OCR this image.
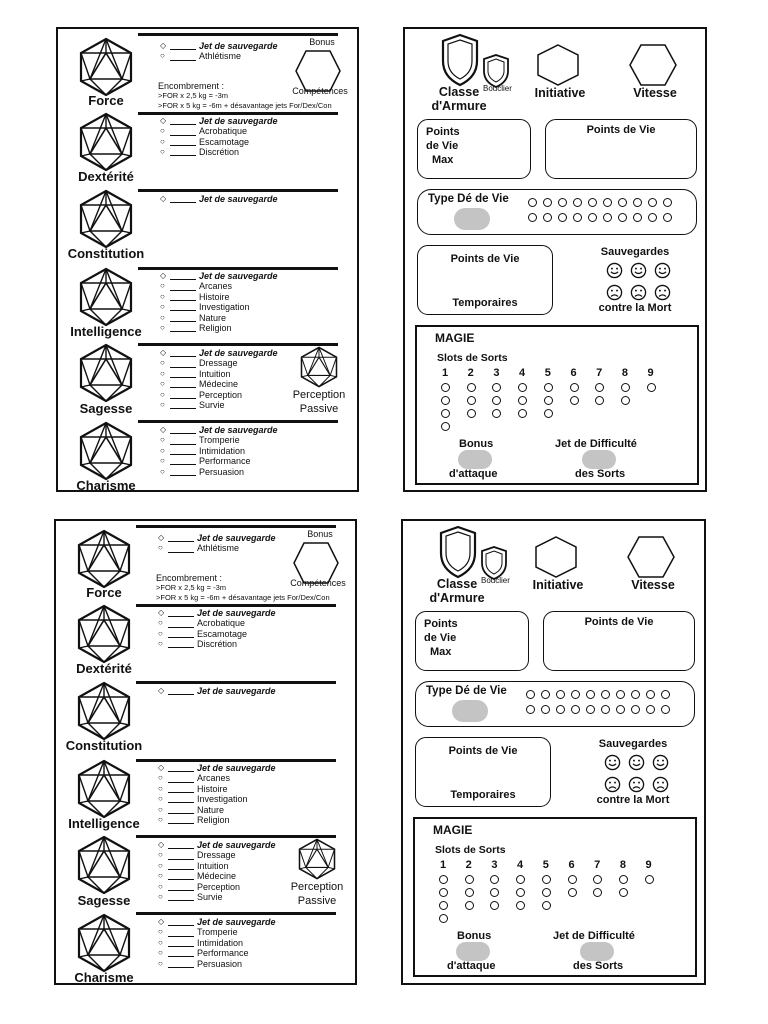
Force
◇	Jet de sauvegarde
○	Athlétisme
Dextérité
◇	Jet de sauvegarde
○	Acrobatique
○	Escamotage
○	Discrétion
Constitution
◇	Jet de sauvegarde
Intelligence
◇	Jet de sauvegarde
○	Arcanes
○	Histoire
○	Investigation
○	Nature
○	Religion
Sagesse
◇	Jet de sauvegarde
○	Dressage
○	Intuition
○	Médecine
○	Perception
○	Survie
Charisme
◇	Jet de sauvegarde
○	Tromperie
○	Intimidation
○	Performance
○	Persuasion
Encombrement :
>FOR x 2,5 kg = -3m
>FOR x 5 kg = -6m + désavantage jets For/Dex/Con
Bonus
Compétences
Perception
Passive
Bouclier
Classe
d'Armure
Initiative	Vitesse
Points
de Vie
Max
Points de Vie
Type Dé de Vie
Points de Vie
Temporaires
Sauvegardes
contre la Mort
MAGIE
Slots de Sorts
1 2 3 4 5 6 7 8 9
Bonus
d'attaque
Jet de Difficulté
des Sorts
Force
◇	Jet de sauvegarde
○	Athlétisme
Dextérité
◇	Jet de sauvegarde
○	Acrobatique
○	Escamotage
○	Discrétion
Constitution
◇	Jet de sauvegarde
Intelligence
◇	Jet de sauvegarde
○	Arcanes
○	Histoire
○	Investigation
○	Nature
○	Religion
Sagesse
◇	Jet de sauvegarde
○	Dressage
○	Intuition
○	Médecine
○	Perception
○	Survie
Charisme
◇	Jet de sauvegarde
○	Tromperie
○	Intimidation
○	Performance
○	Persuasion
Encombrement :
>FOR x 2,5 kg = -3m
>FOR x 5 kg = -6m + désavantage jets For/Dex/Con
Bonus
Compétences
Perception
Passive
Bouclier
Classe
d'Armure
Initiative	Vitesse
Points
de Vie
Max
Points de Vie
Type Dé de Vie
Points de Vie
Temporaires
Sauvegardes
contre la Mort
MAGIE
Slots de Sorts
1 2 3 4 5 6 7 8 9
Bonus
d'attaque
Jet de Difficulté
des Sorts
